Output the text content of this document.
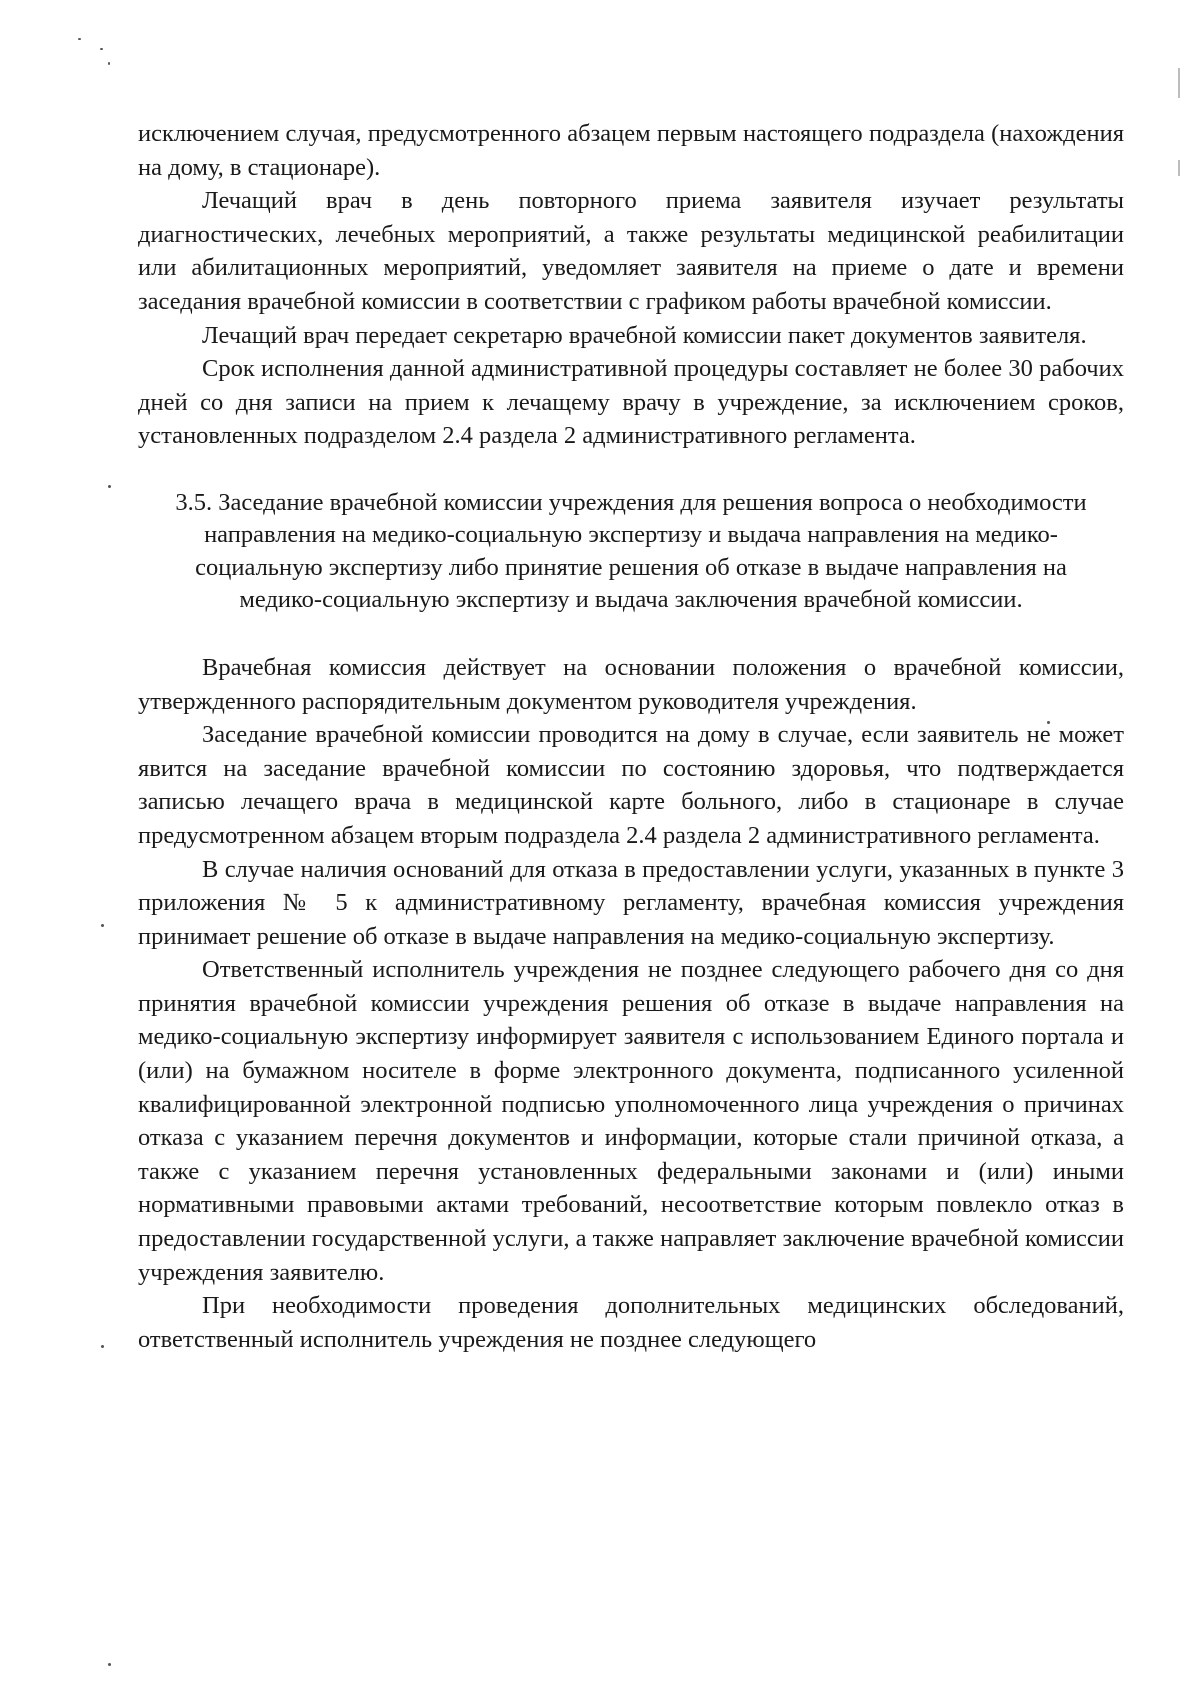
исключением случая, предусмотренного абзацем первым настоящего подраздела (нахождения на дому, в стационаре).

Лечащий врач в день повторного приема заявителя изучает результаты диагностических, лечебных мероприятий, а также результаты медицинской реабилитации или абилитационных мероприятий, уведомляет заявителя на приеме о дате и времени заседания врачебной комиссии в соответствии с графиком работы врачебной комиссии.

Лечащий врач передает секретарю врачебной комиссии пакет документов заявителя.

Срок исполнения данной административной процедуры составляет не более 30 рабочих дней со дня записи на прием к лечащему врачу в учреждение, за исключением сроков, установленных подразделом 2.4 раздела 2 административного регламента.

3.5. Заседание врачебной комиссии учреждения для решения вопроса о необходимости направления на медико-социальную экспертизу и выдача направления на медико-социальную экспертизу либо принятие решения об отказе в выдаче направления на медико-социальную экспертизу и выдача заключения врачебной комиссии.

Врачебная комиссия действует на основании положения о врачебной комиссии, утвержденного распорядительным документом руководителя учреждения.

Заседание врачебной комиссии проводится на дому в случае, если заявитель не может явится на заседание врачебной комиссии по состоянию здоровья, что подтверждается записью лечащего врача в медицинской карте больного, либо в стационаре в случае предусмотренном абзацем вторым подраздела 2.4 раздела 2 административного регламента.

В случае наличия оснований для отказа в предоставлении услуги, указанных в пункте 3 приложения № 5 к административному регламенту, врачебная комиссия учреждения принимает решение об отказе в выдаче направления на медико-социальную экспертизу.

Ответственный исполнитель учреждения не позднее следующего рабочего дня со дня принятия врачебной комиссии учреждения решения об отказе в выдаче направления на медико-социальную экспертизу информирует заявителя с использованием Единого портала и (или) на бумажном носителе в форме электронного документа, подписанного усиленной квалифицированной электронной подписью уполномоченного лица учреждения о причинах отказа с указанием перечня документов и информации, которые стали причиной отказа, а также с указанием перечня установленных федеральными законами и (или) иными нормативными правовыми актами требований, несоответствие которым повлекло отказ в предоставлении государственной услуги, а также направляет заключение врачебной комиссии учреждения заявителю.

При необходимости проведения дополнительных медицинских обследований, ответственный исполнитель учреждения не позднее следующего
